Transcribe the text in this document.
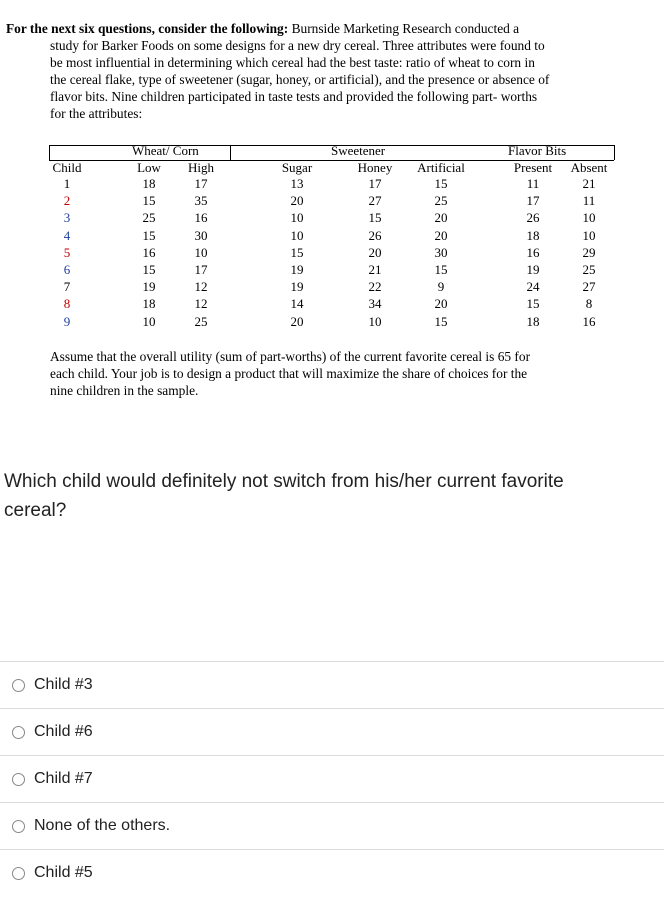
For the next six questions, consider the following: Burnside Marketing Research conducted a
study for Barker Foods on some designs for a new dry cereal. Three attributes were found to
be most influential in determining which cereal had the best taste: ratio of wheat to corn in
the cereal flake, type of sweetener (sugar, honey, or artificial), and the presence or absence of
flavor bits. Nine children participated in taste tests and provided the following part- worths
for the attributes:
Wheat/ Corn	Sweetener	Flavor Bits
Child	Low High	Sugar	Honey Artificial	Present Absent
1	18	17	13	17	15	11	21
2	15	35	20	27	25	17	11
3	25	16	10	15	20	26	10
4	15	30	10	26	20	18	10
5	16	10	15	20	30	16	29
6	15	17	19	21	15	19	25
7	19	12	19	22	9	24	27
8	18	12	14	34	20	15	8
9	10	25	20	10	15	18	16
Assume that the overall utility (sum of part-worths) of the current favorite cereal is 65 for
each child. Your job is to design a product that will maximize the share of choices for the
nine children in the sample.
Which child would definitely not switch from his/her current favorite cereal?
Child #3
Child #6
Child #7
None of the others.
Child #5
